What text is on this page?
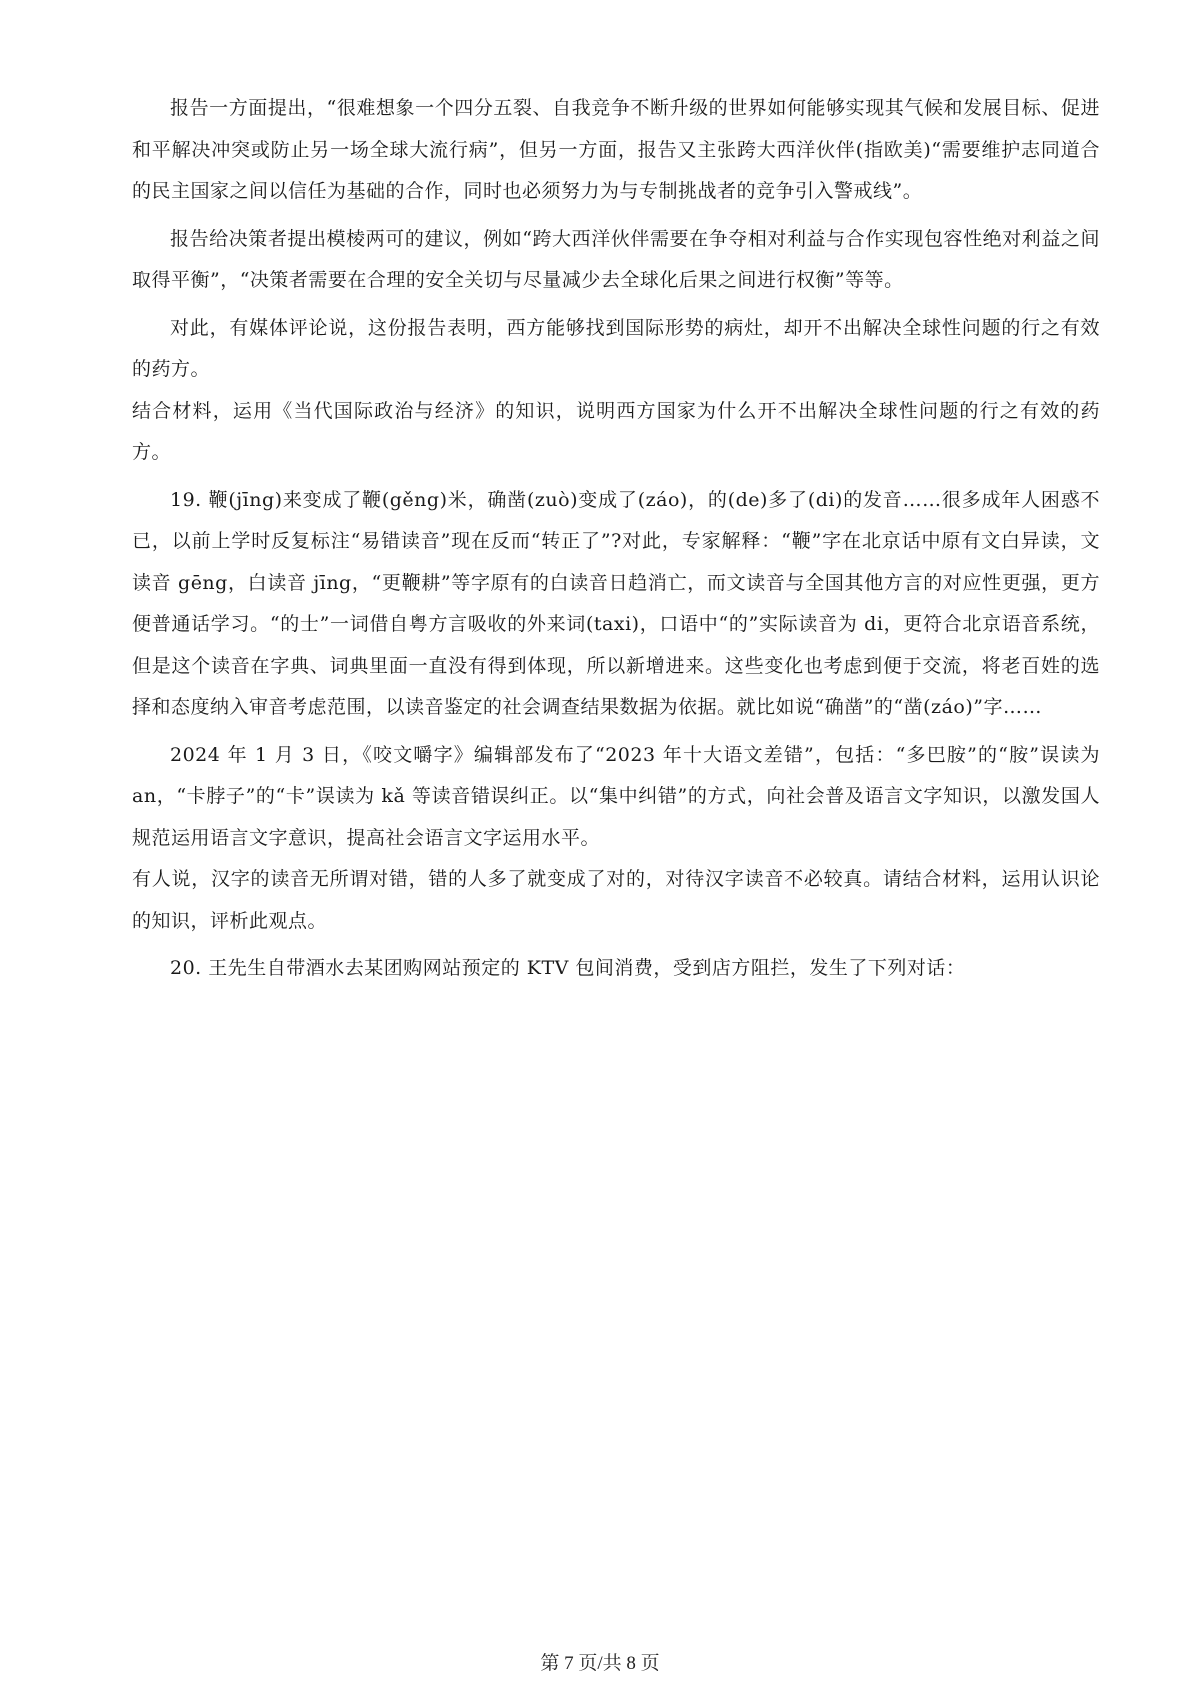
报告一方面提出，“很难想象一个四分五裂、自我竞争不断升级的世界如何能够实现其气候和发展目标、促进和平解决冲突或防止另一场全球大流行病”，但另一方面，报告又主张跨大西洋伙伴(指欧美)“需要维护志同道合的民主国家之间以信任为基础的合作，同时也必须努力为与专制挑战者的竞争引入警戒线”。

报告给决策者提出模棱两可的建议，例如“跨大西洋伙伴需要在争夺相对利益与合作实现包容性绝对利益之间取得平衡”，“决策者需要在合理的安全关切与尽量减少去全球化后果之间进行权衡”等等。

对此，有媒体评论说，这份报告表明，西方能够找到国际形势的病灶，却开不出解决全球性问题的行之有效的药方。

结合材料，运用《当代国际政治与经济》的知识，说明西方国家为什么开不出解决全球性问题的行之有效的药方。

19. 鞭(jīng)来变成了鞭(gěng)米，确凿(zuò)变成了(záo)，的(de)多了(di)的发音……很多成年人困惑不已，以前上学时反复标注“易错读音”现在反而“转正了”?对此，专家解释：“鞭”字在北京话中原有文白异读，文读音 gēng，白读音 jīng，“更鞭耕”等字原有的白读音日趋消亡，而文读音与全国其他方言的对应性更强，更方便普通话学习。“的士”一词借自粤方言吸收的外来词(taxi)，口语中“的”实际读音为 di，更符合北京语音系统，但是这个读音在字典、词典里面一直没有得到体现，所以新增进来。这些变化也考虑到便于交流，将老百姓的选择和态度纳入审音考虑范围，以读音鉴定的社会调查结果数据为依据。就比如说“确凿”的“凿(záo)”字……

2024 年 1 月 3 日，《咬文嚼字》编辑部发布了“2023 年十大语文差错”，包括：“多巴胺”的“胺”误读为 an，“卡脖子”的“卡”误读为 kǎ 等读音错误纠正。以“集中纠错”的方式，向社会普及语言文字知识，以激发国人规范运用语言文字意识，提高社会语言文字运用水平。

有人说，汉字的读音无所谓对错，错的人多了就变成了对的，对待汉字读音不必较真。请结合材料，运用认识论的知识，评析此观点。

20. 王先生自带酒水去某团购网站预定的 KTV 包间消费，受到店方阻拦，发生了下列对话：

第 7 页/共 8 页
